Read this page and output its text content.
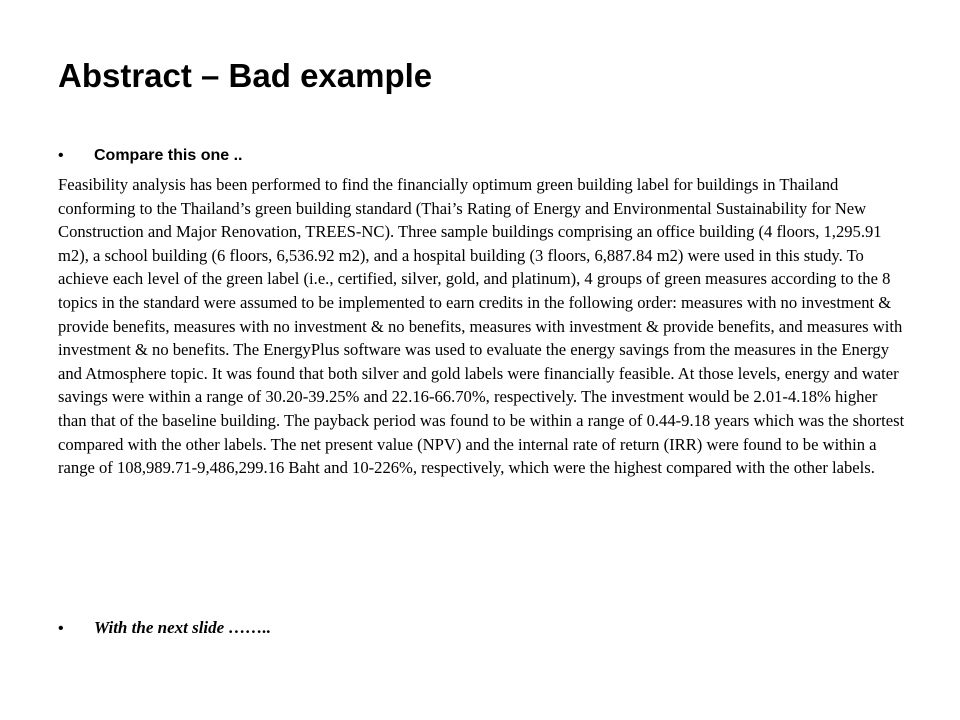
Abstract – Bad example
•	Compare this one ..

Feasibility analysis has been performed to find the financially optimum green building label for buildings in Thailand conforming to the Thailand’s green building standard (Thai’s Rating of Energy and Environmental Sustainability for New Construction and Major Renovation, TREES-NC). Three sample buildings comprising an office building (4 floors, 1,295.91 m2), a school building (6 floors, 6,536.92 m2), and a hospital building (3 floors, 6,887.84 m2) were used in this study. To achieve each level of the green label (i.e., certified, silver, gold, and platinum), 4 groups of green measures according to the 8 topics in the standard were assumed to be implemented to earn credits in the following order: measures with no investment & provide benefits, measures with no investment & no benefits, measures with investment & provide benefits, and measures with investment & no benefits. The EnergyPlus software was used to evaluate the energy savings from the measures in the Energy and Atmosphere topic. It was found that both silver and gold labels were financially feasible. At those levels, energy and water savings were within a range of 30.20-39.25% and 22.16-66.70%, respectively. The investment would be 2.01-4.18% higher than that of the baseline building. The payback period was found to be within a range of 0.44-9.18 years which was the shortest compared with the other labels. The net present value (NPV) and the internal rate of return (IRR) were found to be within a range of 108,989.71-9,486,299.16 Baht and 10-226%, respectively, which were the highest compared with the other labels.

•	With the next slide ……..
